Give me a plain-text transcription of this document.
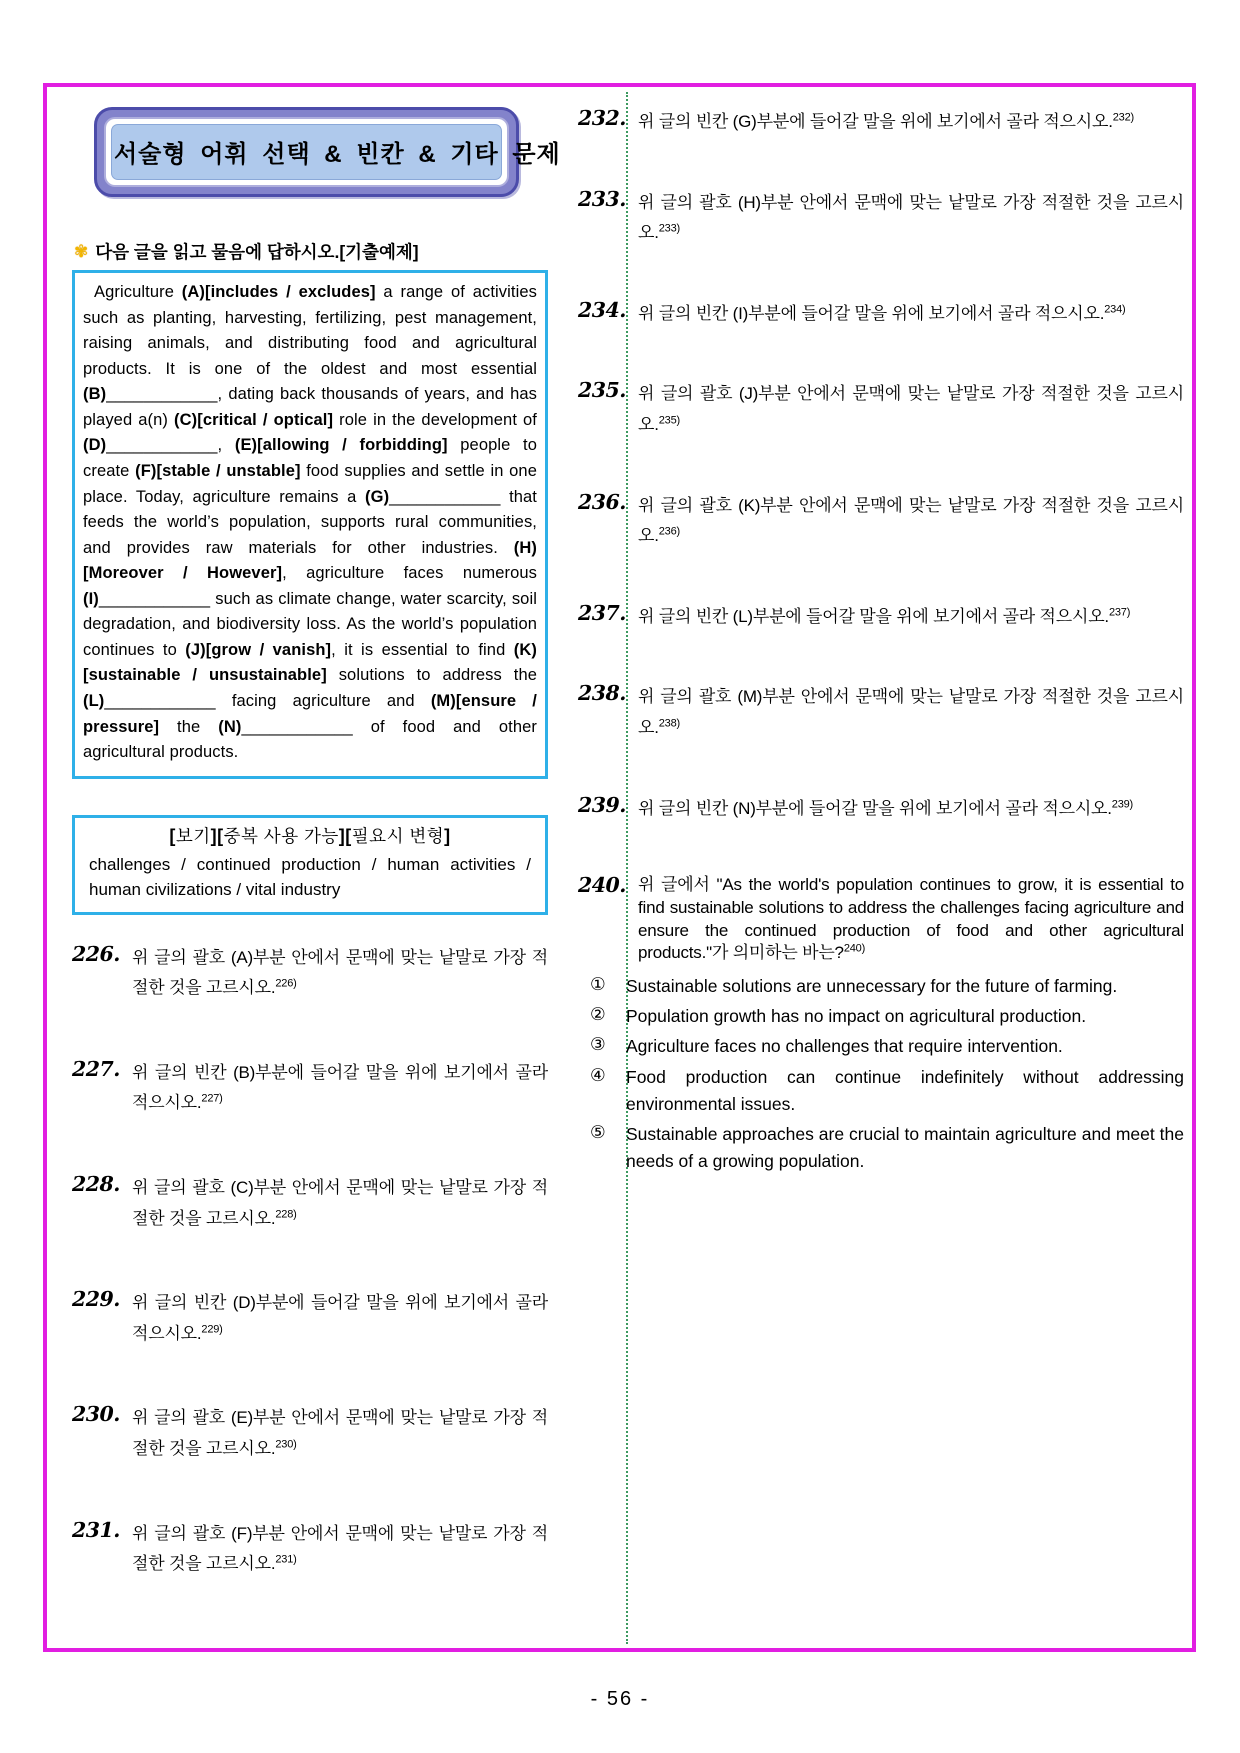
서술형 어휘 선택 & 빈칸 & 기타 문제
✾ 다음 글을 읽고 물음에 답하시오.[기출예제]

Agriculture (A)[includes / excludes] a range of activities such as planting, harvesting, fertilizing, pest management, raising animals, and distributing food and agricultural products. It is one of the oldest and most essential (B)____________, dating back thousands of years, and has played a(n) (C)[critical / optical] role in the development of (D)____________, (E)[allowing / forbidding] people to create (F)[stable / unstable] food supplies and settle in one place. Today, agriculture remains a (G)____________ that feeds the world’s population, supports rural communities, and provides raw materials for other industries. (H)[Moreover / However], agriculture faces numerous (I)____________ such as climate change, water scarcity, soil degradation, and biodiversity loss. As the world’s population continues to (J)[grow / vanish], it is essential to find (K)[sustainable / unsustainable] solutions to address the (L)____________ facing agriculture and (M)[ensure / pressure] the (N)____________ of food and other agricultural products.

[보기][중복 사용 가능][필요시 변형]
challenges / continued production / human activities / human civilizations / vital industry
226. 위 글의 괄호 (A)부분 안에서 문맥에 맞는 낱말로 가장 적절한 것을 고르시오.$^{226)}$

227. 위 글의 빈칸 (B)부분에 들어갈 말을 위에 보기에서 골라 적으시오.$^{227)}$

228. 위 글의 괄호 (C)부분 안에서 문맥에 맞는 낱말로 가장 적절한 것을 고르시오.$^{228)}$

229. 위 글의 빈칸 (D)부분에 들어갈 말을 위에 보기에서 골라 적으시오.$^{229)}$

230. 위 글의 괄호 (E)부분 안에서 문맥에 맞는 낱말로 가장 적절한 것을 고르시오.$^{230)}$

231. 위 글의 괄호 (F)부분 안에서 문맥에 맞는 낱말로 가장 적절한 것을 고르시오.$^{231)}$

232. 위 글의 빈칸 (G)부분에 들어갈 말을 위에 보기에서 골라 적으시오.$^{232)}$

233. 위 글의 괄호 (H)부분 안에서 문맥에 맞는 낱말로 가장 적절한 것을 고르시오.$^{233)}$

234. 위 글의 빈칸 (I)부분에 들어갈 말을 위에 보기에서 골라 적으시오.$^{234)}$

235. 위 글의 괄호 (J)부분 안에서 문맥에 맞는 낱말로 가장 적절한 것을 고르시오.$^{235)}$

236. 위 글의 괄호 (K)부분 안에서 문맥에 맞는 낱말로 가장 적절한 것을 고르시오.$^{236)}$

237. 위 글의 빈칸 (L)부분에 들어갈 말을 위에 보기에서 골라 적으시오.$^{237)}$

238. 위 글의 괄호 (M)부분 안에서 문맥에 맞는 낱말로 가장 적절한 것을 고르시오.$^{238)}$

239. 위 글의 빈칸 (N)부분에 들어갈 말을 위에 보기에서 골라 적으시오.$^{239)}$

240. 위 글에서 "As the world's population continues to grow, it is essential to find sustainable solutions to address the challenges facing agriculture and ensure the continued production of food and other agricultural products."가 의미하는 바는?$^{240)}$

①	Sustainable solutions are unnecessary for the future of farming.

②	Population growth has no impact on agricultural production.

③	Agriculture faces no challenges that require intervention.

④	Food production can continue indefinitely without addressing environmental issues.

⑤	Sustainable approaches are crucial to maintain agriculture and meet the needs of a growing population.

- 56 -
